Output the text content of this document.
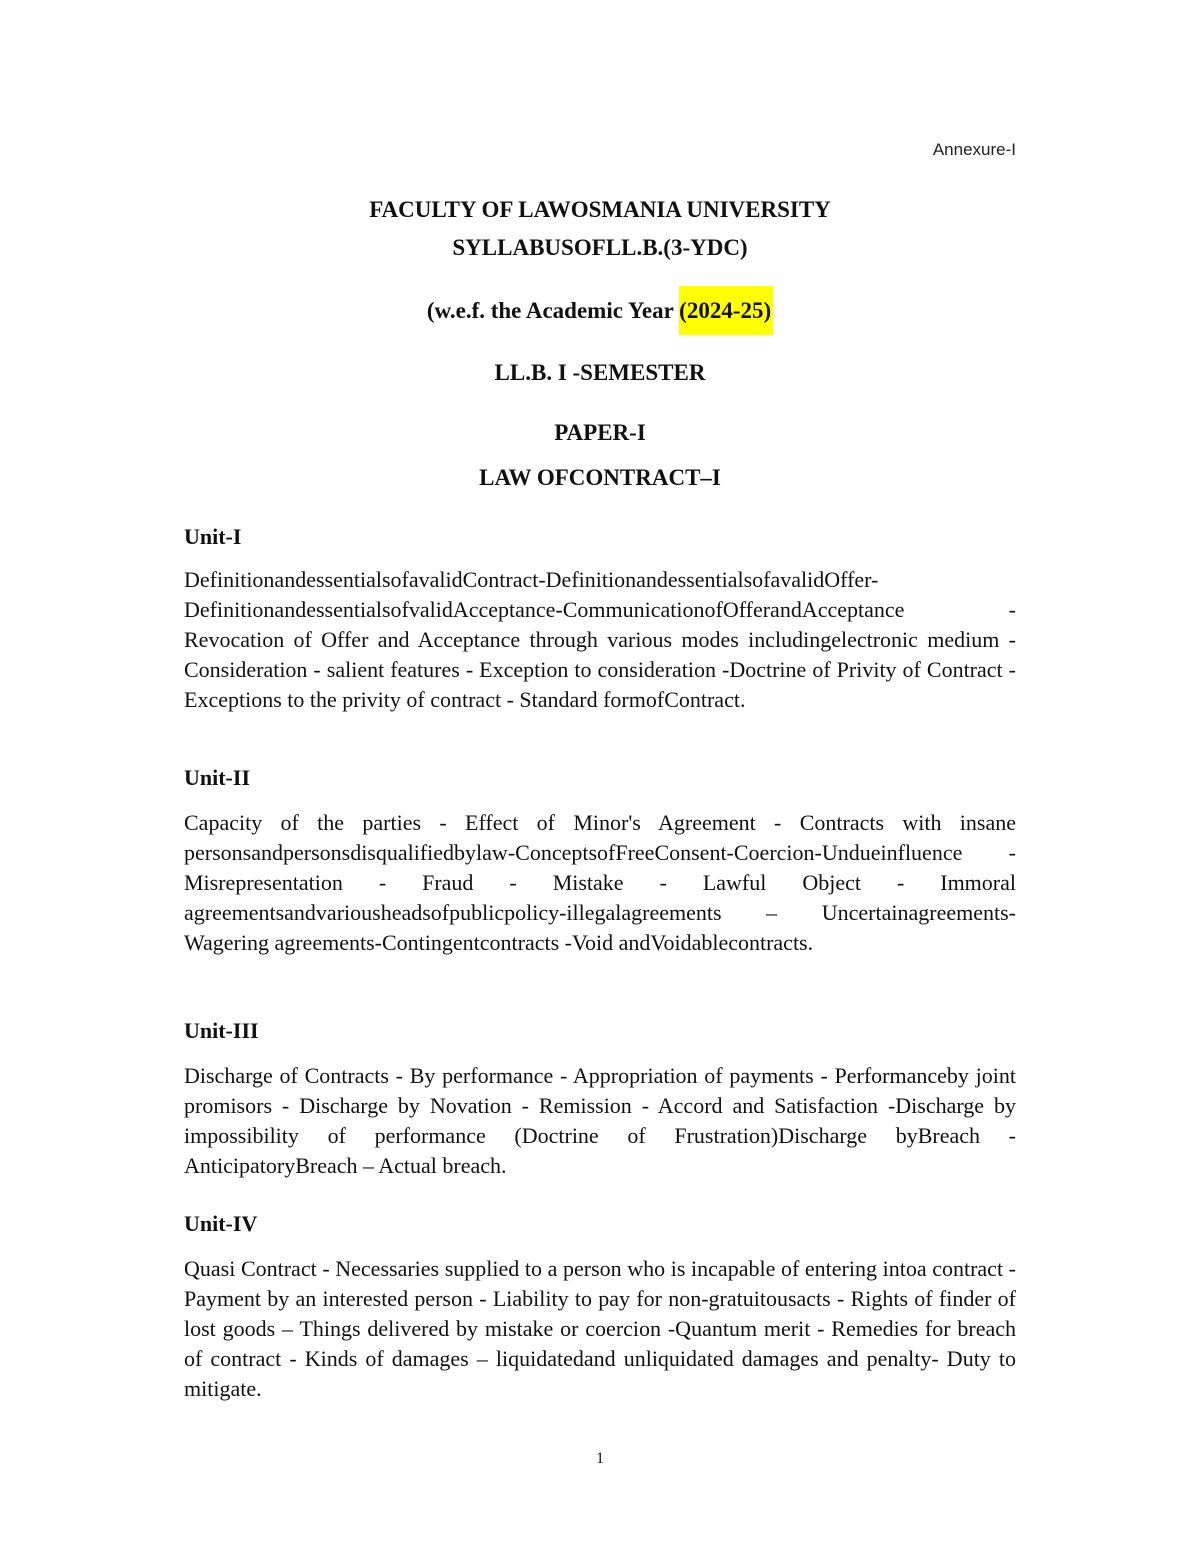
Annexure-I
FACULTY OF LAWOSMANIA UNIVERSITY
SYLLABUSOFLL.B.(3-YDC)
(w.e.f. the Academic Year (2024-25)
LL.B. I -SEMESTER
PAPER-I
LAW OFCONTRACT–I
Unit-I
DefinitionandessentialsofavalidContract-DefinitionandessentialsofavalidOffer-DefinitionandessentialsofvalidAcceptance-CommunicationofOfferandAcceptance - Revocation of Offer and Acceptance through various modes includingelectronic medium - Consideration - salient features - Exception to consideration -Doctrine of Privity of Contract - Exceptions to the privity of contract - Standard formofContract.
Unit-II
Capacity of the parties - Effect of Minor's Agreement - Contracts with insane personsandpersonsdisqualifiedbylaw-ConceptsofFreeConsent-Coercion-Undueinfluence - Misrepresentation - Fraud - Mistake - Lawful Object - Immoral agreementsandvariousheadsofpublicpolicy-illegalagreements – Uncertainagreements-Wagering agreements-Contingentcontracts -Void andVoidablecontracts.
Unit-III
Discharge of Contracts - By performance - Appropriation of payments - Performanceby joint promisors - Discharge by Novation - Remission - Accord and Satisfaction -Discharge by impossibility of performance (Doctrine of Frustration)Discharge byBreach -AnticipatoryBreach – Actual breach.
Unit-IV
Quasi Contract - Necessaries supplied to a person who is incapable of entering intoa contract - Payment by an interested person - Liability to pay for non-gratuitousacts - Rights of finder of lost goods – Things delivered by mistake or coercion -Quantum merit - Remedies for breach of contract - Kinds of damages – liquidatedand unliquidated damages and penalty- Duty to mitigate.
1
